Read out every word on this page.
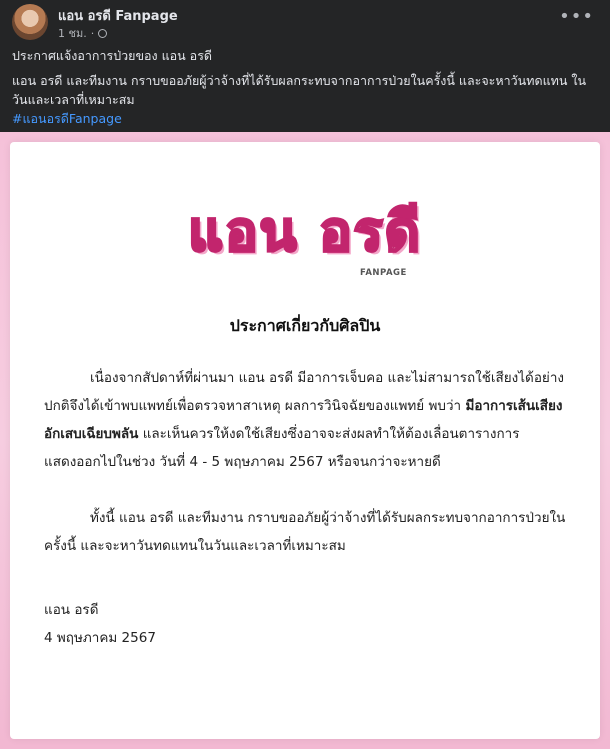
แอน อรดี Fanpage
1 ชม. ·
•••

ประกาศแจ้งอาการป่วยของ แอน อรดี

แอน อรดี และทีมงาน กราบขออภัยผู้ว่าจ้างที่ได้รับผลกระทบจากอาการป่วยในครั้งนี้ และจะหาวันทดแทน ในวันและเวลาที่เหมาะสม

#แอนอรดีFanpage

แอน อรดี
FANPAGE
ประกาศเกี่ยวกับศิลปิน
เนื่องจากสัปดาห์ที่ผ่านมา แอน อรดี มีอาการเจ็บคอ และไม่สามารถใช้เสียงได้อย่างปกติจึงได้เข้าพบแพทย์เพื่อตรวจหาสาเหตุ ผลการวินิจฉัยของแพทย์ พบว่า มีอาการเส้นเสียงอักเสบเฉียบพลัน และเห็นควรให้งดใช้เสียงซึ่งอาจจะส่งผลทำให้ต้องเลื่อนตารางการแสดงออกไปในช่วง วันที่ 4 - 5 พฤษภาคม 2567 หรือจนกว่าจะหายดี
ทั้งนี้ แอน อรดี และทีมงาน กราบขออภัยผู้ว่าจ้างที่ได้รับผลกระทบจากอาการป่วยในครั้งนี้ และจะหาวันทดแทนในวันและเวลาที่เหมาะสม
แอน อรดี
4 พฤษภาคม 2567
